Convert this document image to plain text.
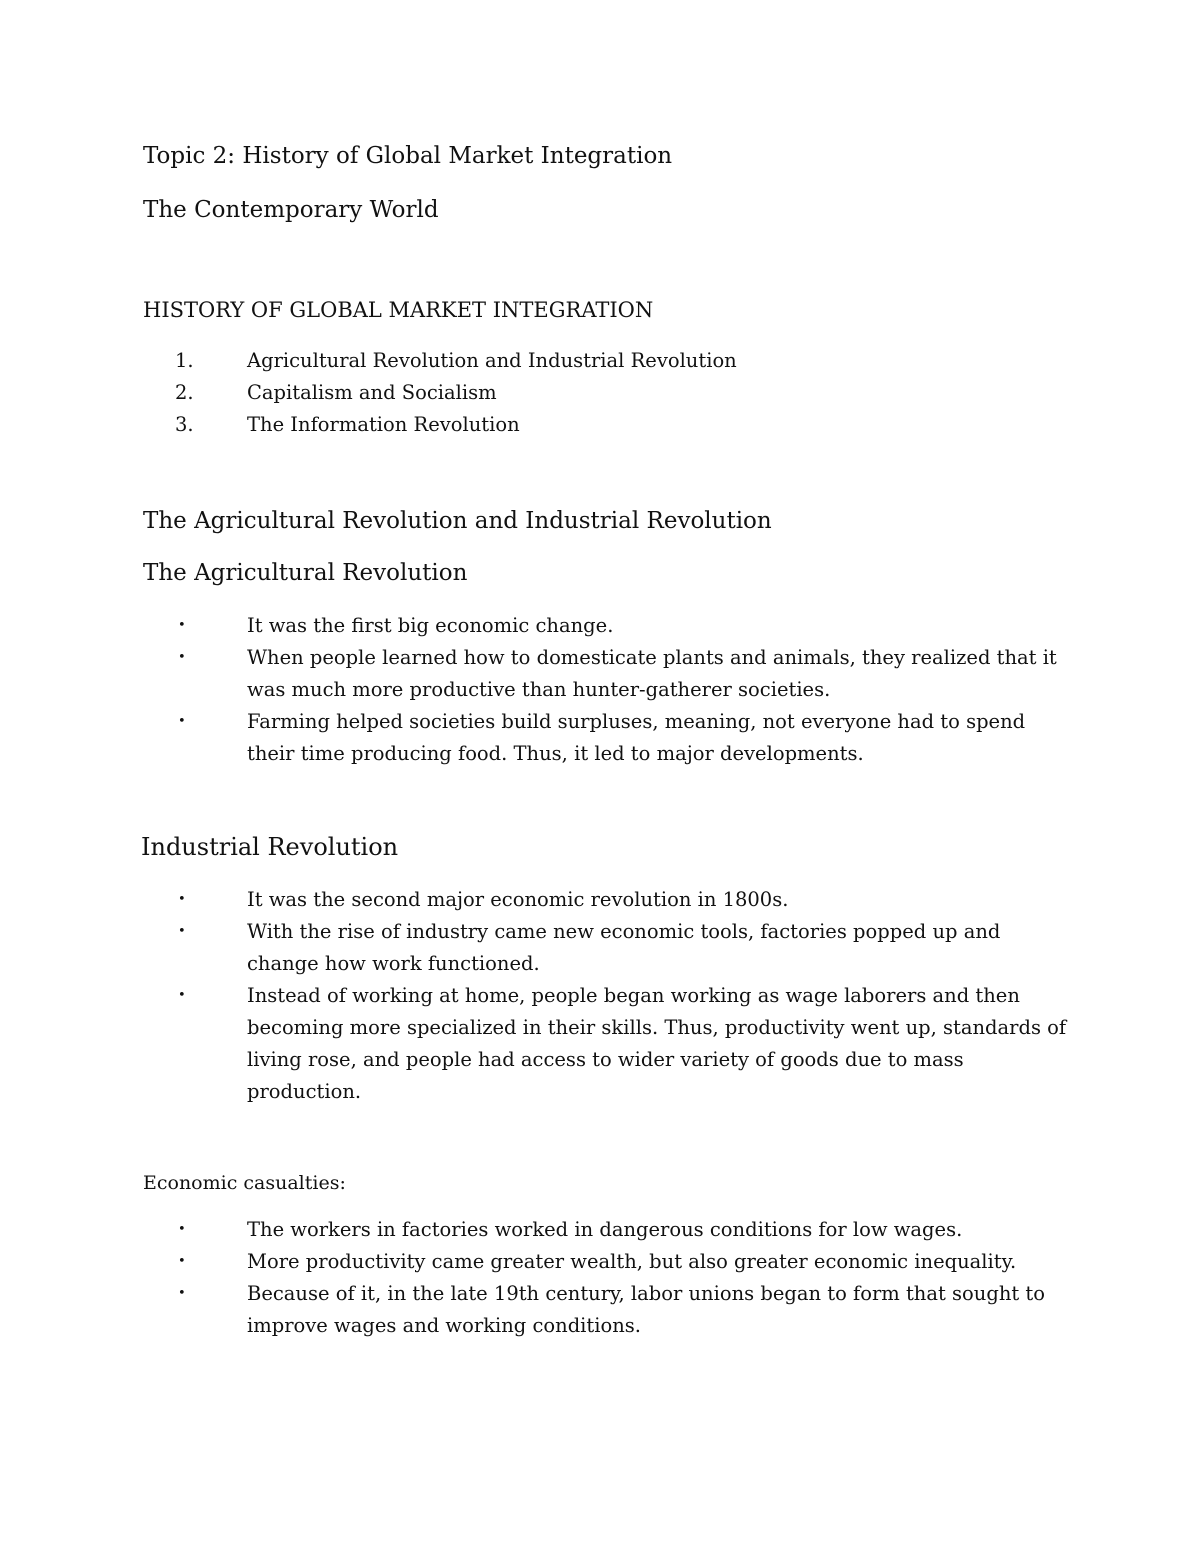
Topic 2: History of Global Market Integration
The Contemporary World
HISTORY OF GLOBAL MARKET INTEGRATION
1.	Agricultural Revolution and Industrial Revolution
2.	Capitalism and Socialism
3.	The Information Revolution
The Agricultural Revolution and Industrial Revolution
The Agricultural Revolution
•	It was the first big economic change.
•	When people learned how to domesticate plants and animals, they realized that it was much more productive than hunter-gatherer societies.
•	Farming helped societies build surpluses, meaning, not everyone had to spend their time producing food. Thus, it led to major developments.
Industrial Revolution
•	It was the second major economic revolution in 1800s.
•	With the rise of industry came new economic tools, factories popped up and change how work functioned.
•	Instead of working at home, people began working as wage laborers and then becoming more specialized in their skills. Thus, productivity went up, standards of living rose, and people had access to wider variety of goods due to mass production.
Economic casualties:
•	The workers in factories worked in dangerous conditions for low wages.
•	More productivity came greater wealth, but also greater economic inequality.
•	Because of it, in the late 19th century, labor unions began to form that sought to improve wages and working conditions.
